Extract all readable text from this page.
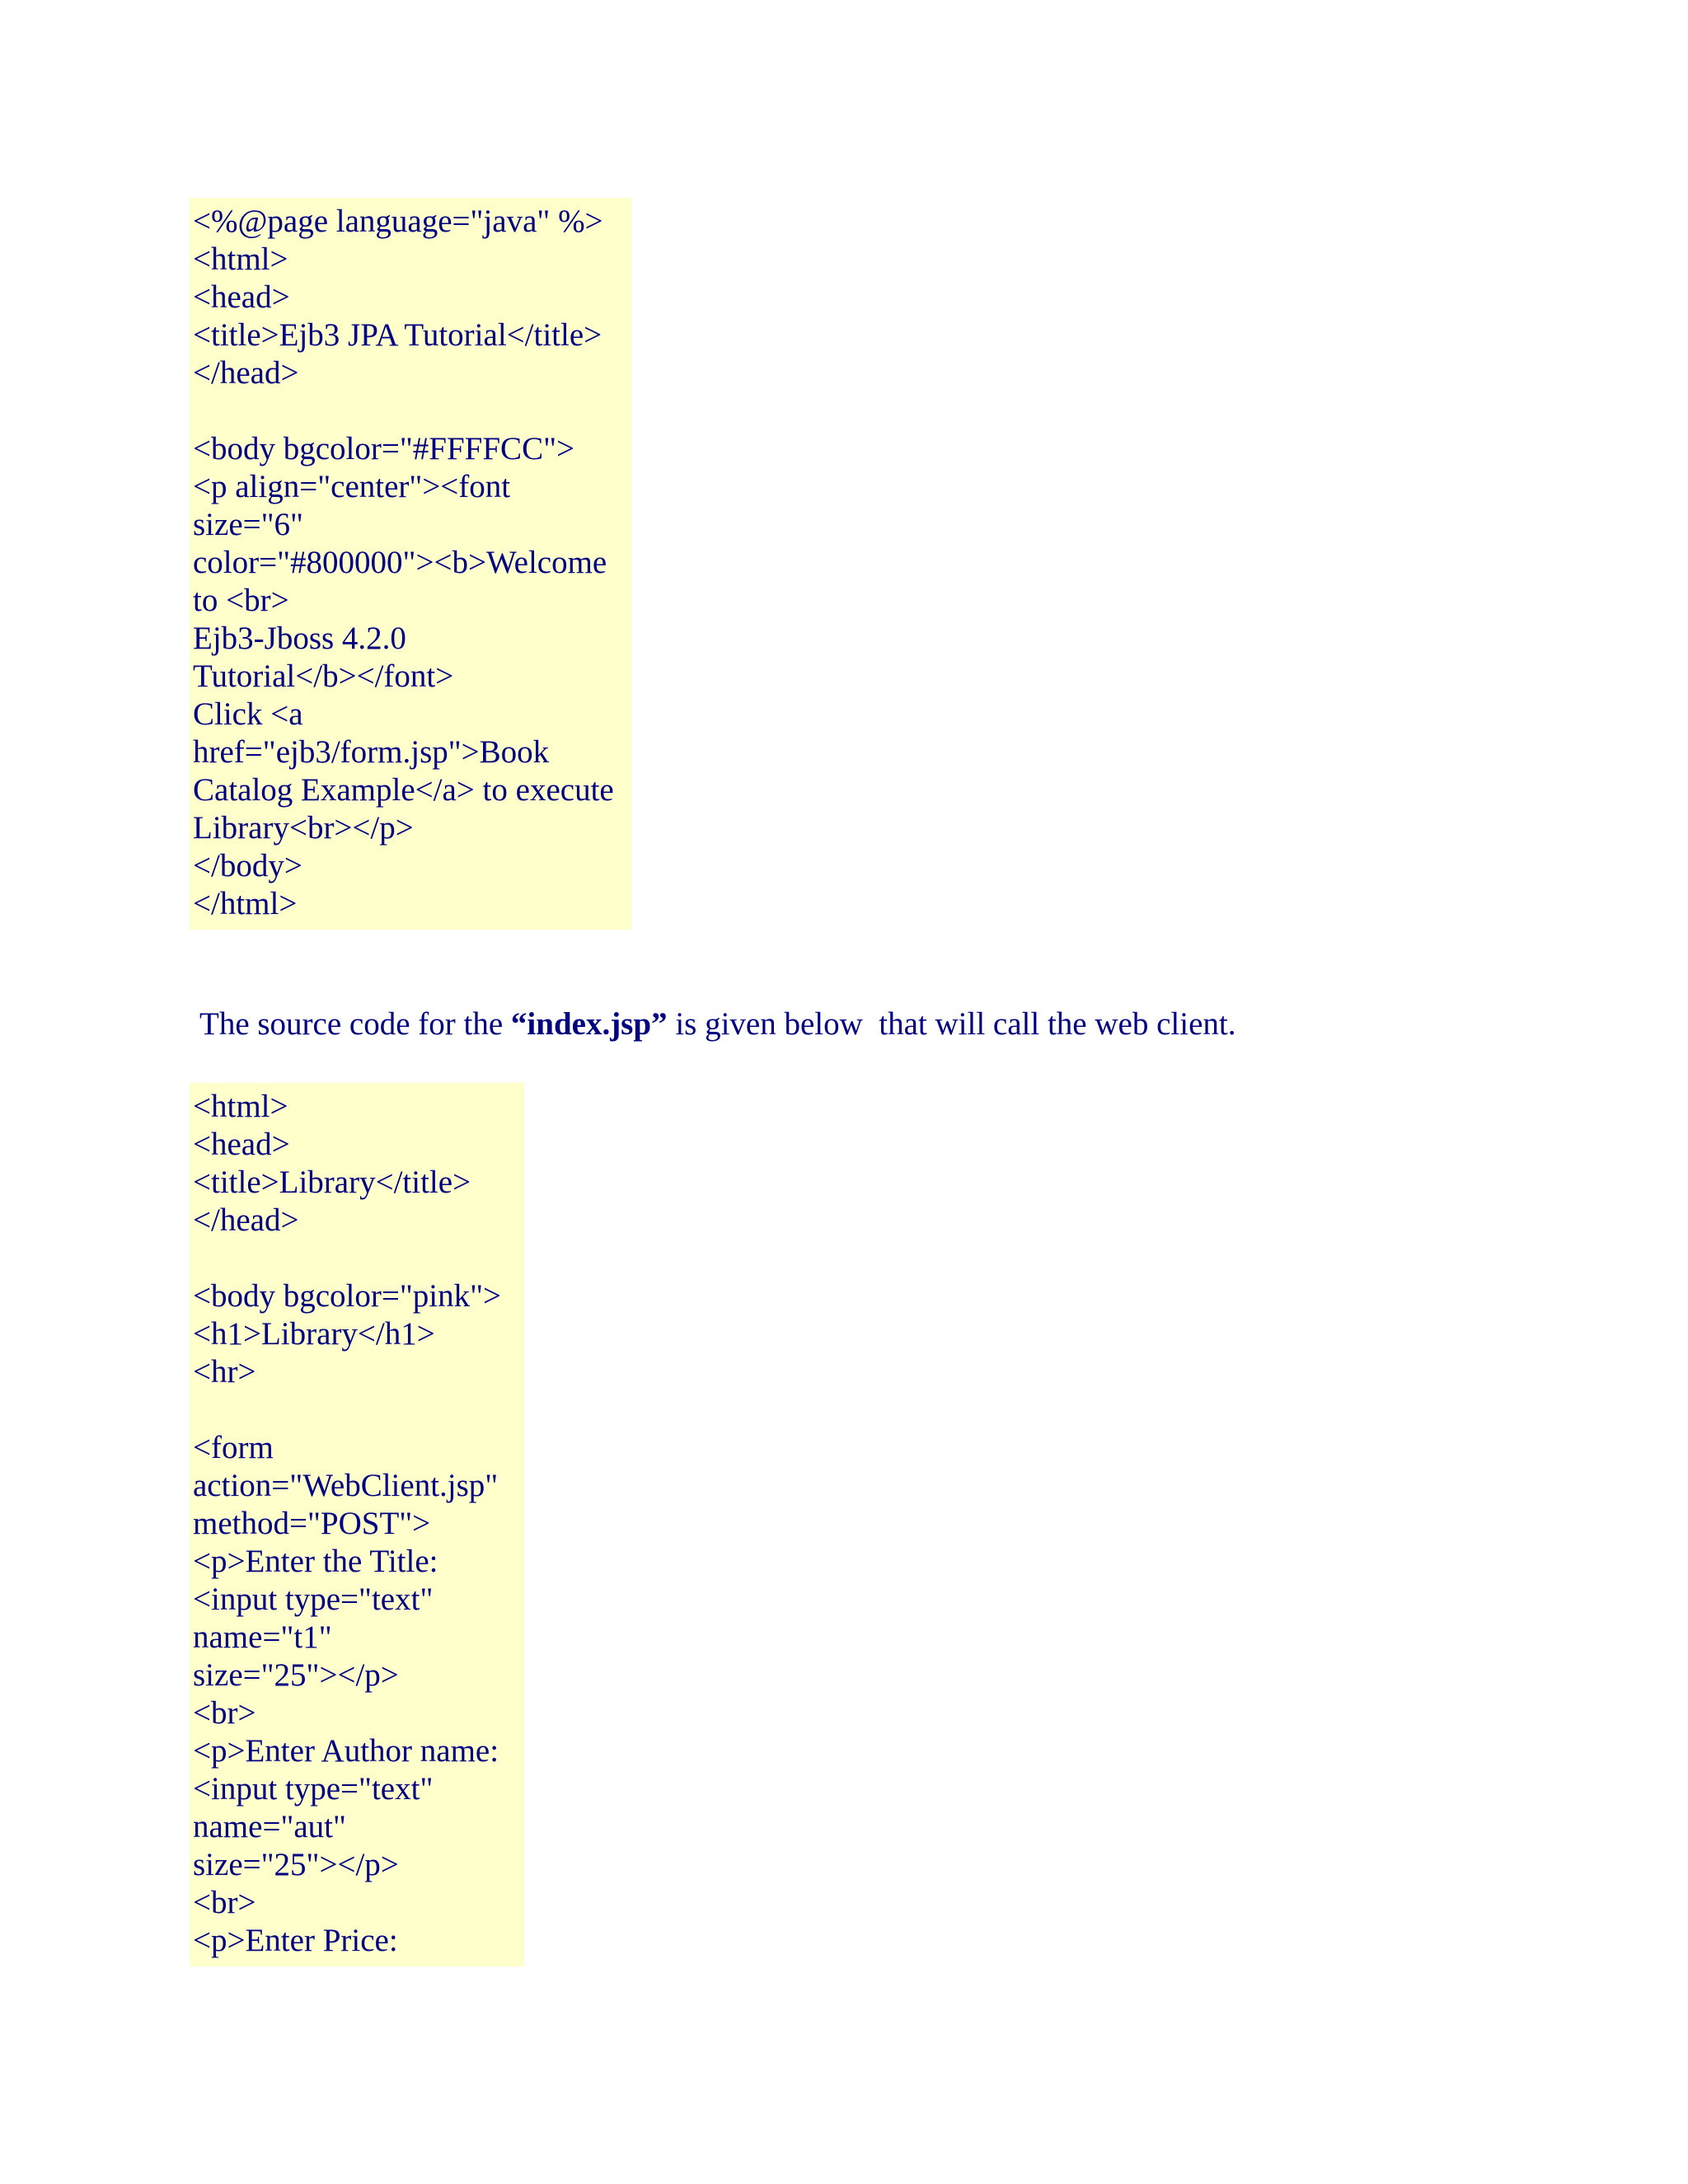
<%@page language="java" %>
<html>
<head>
<title>Ejb3 JPA Tutorial</title>
</head>
<body bgcolor="#FFFFCC">
<p align="center"><font
size="6"
color="#800000"><b>Welcome
to <br>
Ejb3-Jboss 4.2.0
Tutorial</b></font>
Click <a
href="ejb3/form.jsp">Book
Catalog Example</a> to execute
Library<br></p>
</body>
</html>
The source code for the “index.jsp” is given below  that will call the web client.
<html>
<head>
<title>Library</title>
</head>
<body bgcolor="pink">
<h1>Library</h1>
<hr>
<form
action="WebClient.jsp"
method="POST">
<p>Enter the Title:
<input type="text"
name="t1"
size="25"></p>
<br>
<p>Enter Author name:
<input type="text"
name="aut"
size="25"></p>
<br>
<p>Enter Price:
